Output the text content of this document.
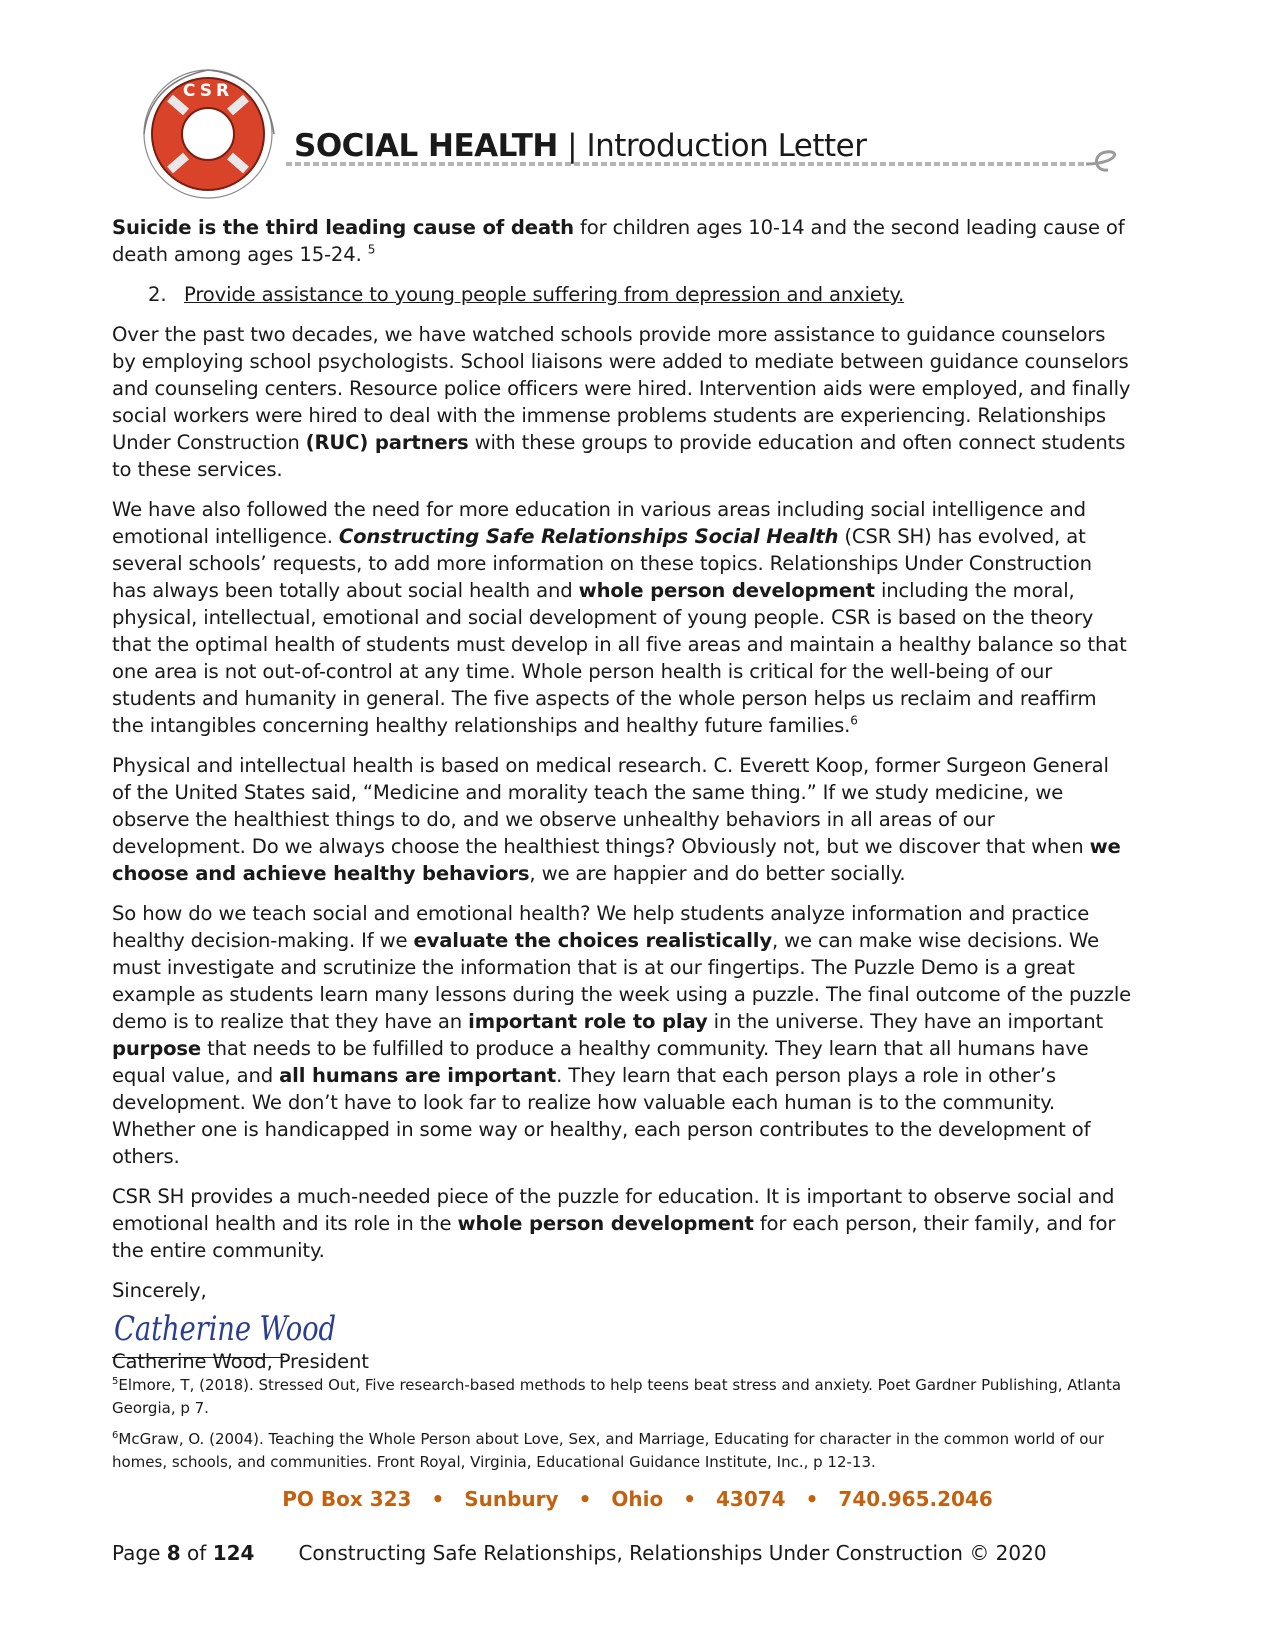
CSR
SOCIAL HEALTH | Introduction Letter

Suicide is the third leading cause of death for children ages 10-14 and the second leading cause of death among ages 15-24. $^5$

2. Provide assistance to young people suffering from depression and anxiety.

Over the past two decades, we have watched schools provide more assistance to guidance counselors by employing school psychologists. School liaisons were added to mediate between guidance counselors and counseling centers. Resource police officers were hired. Intervention aids were employed, and finally social workers were hired to deal with the immense problems students are experiencing. Relationships Under Construction (RUC) partners with these groups to provide education and often connect students to these services.

We have also followed the need for more education in various areas including social intelligence and emotional intelligence. Constructing Safe Relationships Social Health (CSR SH) has evolved, at several schools’ requests, to add more information on these topics. Relationships Under Construction has always been totally about social health and whole person development including the moral, physical, intellectual, emotional and social development of young people. CSR is based on the theory that the optimal health of students must develop in all five areas and maintain a healthy balance so that one area is not out-of-control at any time. Whole person health is critical for the well-being of our students and humanity in general. The five aspects of the whole person helps us reclaim and reaffirm the intangibles concerning healthy relationships and healthy future families.$^6$

Physical and intellectual health is based on medical research. C. Everett Koop, former Surgeon General of the United States said, “Medicine and morality teach the same thing.” If we study medicine, we observe the healthiest things to do, and we observe unhealthy behaviors in all areas of our development. Do we always choose the healthiest things? Obviously not, but we discover that when we choose and achieve healthy behaviors, we are happier and do better socially.

So how do we teach social and emotional health? We help students analyze information and practice healthy decision-making. If we evaluate the choices realistically, we can make wise decisions. We must investigate and scrutinize the information that is at our fingertips. The Puzzle Demo is a great example as students learn many lessons during the week using a puzzle. The final outcome of the puzzle demo is to realize that they have an important role to play in the universe. They have an important purpose that needs to be fulfilled to produce a healthy community. They learn that all humans have equal value, and all humans are important. They learn that each person plays a role in other’s development. We don’t have to look far to realize how valuable each human is to the community. Whether one is handicapped in some way or healthy, each person contributes to the development of others.

CSR SH provides a much-needed piece of the puzzle for education. It is important to observe social and emotional health and its role in the whole person development for each person, their family, and for the entire community.

Sincerely,
Catherine Wood
Catherine Wood, President

$^5$Elmore, T, (2018). Stressed Out, Five research-based methods to help teens beat stress and anxiety. Poet Gardner Publishing, Atlanta Georgia, p 7.

$^6$McGraw, O. (2004). Teaching the Whole Person about Love, Sex, and Marriage, Educating for character in the common world of our homes, schools, and communities. Front Royal, Virginia, Educational Guidance Institute, Inc., p 12-13.

PO Box 323 • Sunbury • Ohio • 43074 • 740.965.2046
Page 8 of 124 Constructing Safe Relationships, Relationships Under Construction © 2020
